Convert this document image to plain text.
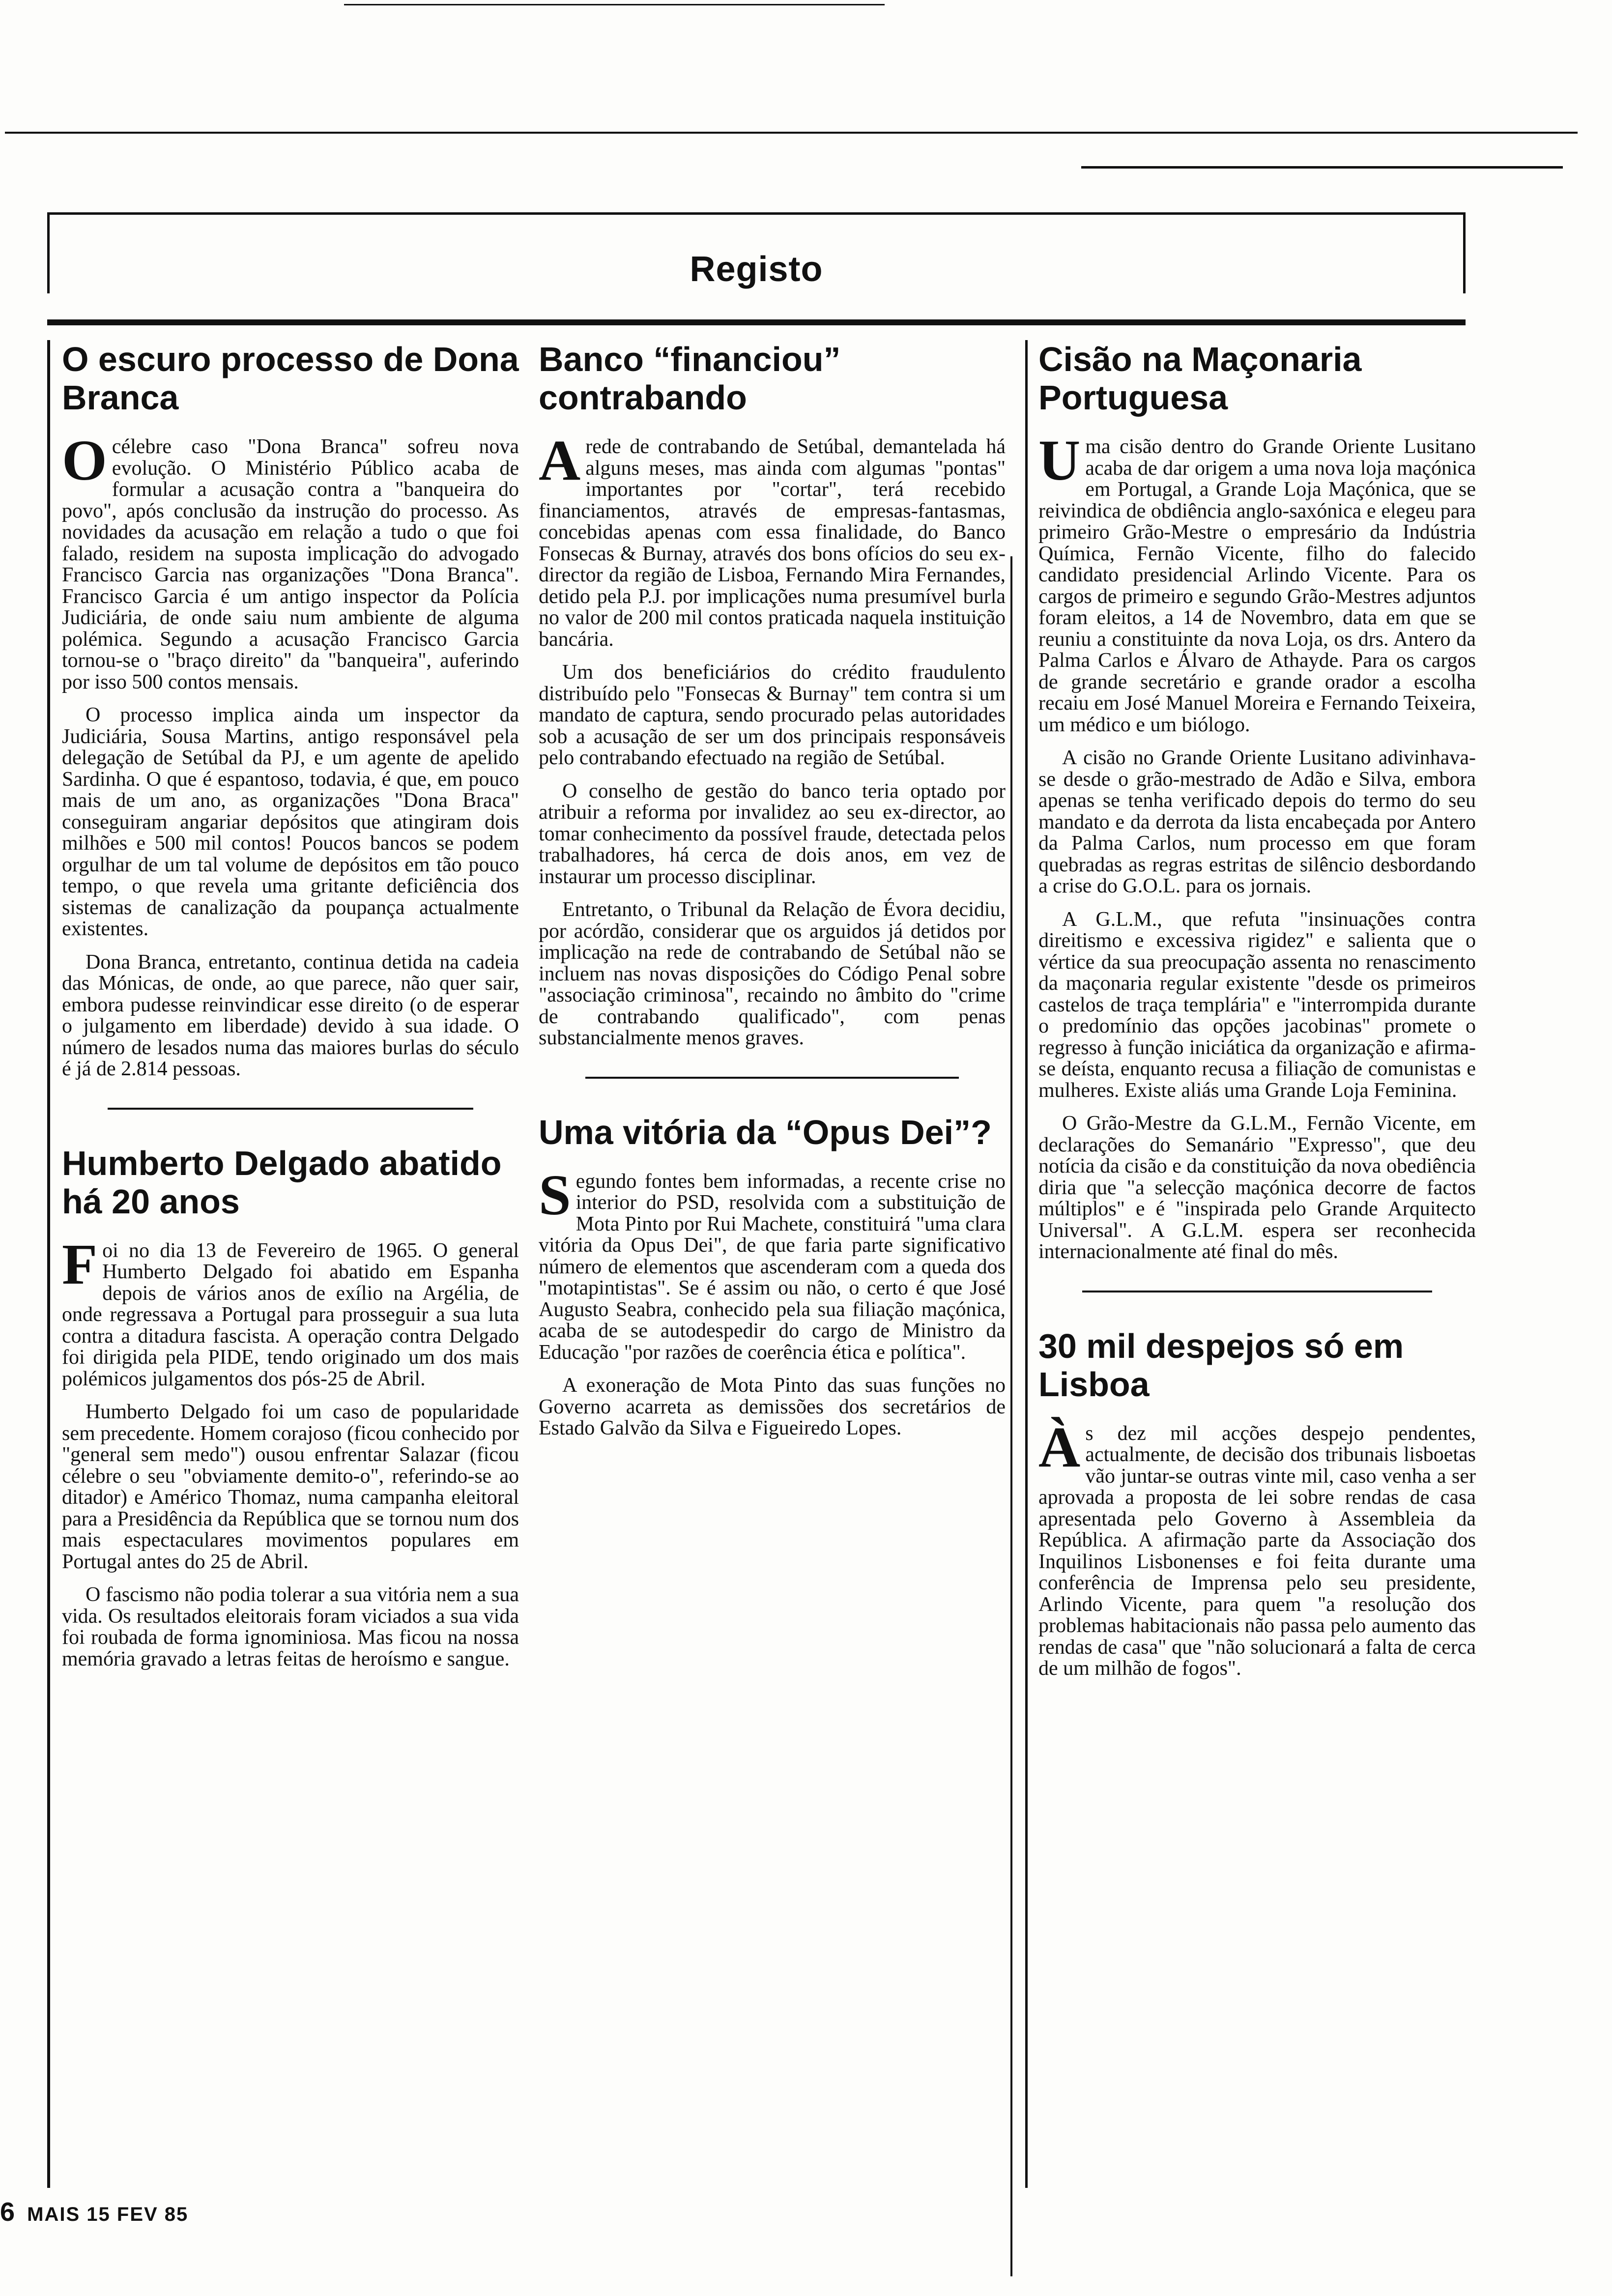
Registo
O escuro processo de Dona Branca

Océlebre caso "Dona Branca" sofreu nova evolução. O Ministério Público acaba de formular a acusação contra a "banqueira do povo", após conclusão da instrução do processo. As novidades da acusação em relação a tudo o que foi falado, residem na suposta implicação do advogado Francisco Garcia nas organizações "Dona Branca". Francisco Garcia é um antigo inspector da Polícia Judiciária, de onde saiu num ambiente de alguma polémica. Segundo a acusação Francisco Garcia tornou-se o "braço direito" da "banqueira", auferindo por isso 500 contos mensais.

O processo implica ainda um inspector da Judiciária, Sousa Martins, antigo responsável pela delegação de Setúbal da PJ, e um agente de apelido Sardinha. O que é espantoso, todavia, é que, em pouco mais de um ano, as organizações "Dona Braca" conseguiram angariar depósitos que atingiram dois milhões e 500 mil contos! Poucos bancos se podem orgulhar de um tal volume de depósitos em tão pouco tempo, o que revela uma gritante deficiência dos sistemas de canalização da poupança actualmente existentes.

Dona Branca, entretanto, continua detida na cadeia das Mónicas, de onde, ao que parece, não quer sair, embora pudesse reinvindicar esse direito (o de esperar o julgamento em liberdade) devido à sua idade. O número de lesados numa das maiores burlas do século é já de 2.814 pessoas.

Humberto Delgado abatido há 20 anos

Foi no dia 13 de Fevereiro de 1965. O general Humberto Delgado foi abatido em Espanha depois de vários anos de exílio na Argélia, de onde regressava a Portugal para prosseguir a sua luta contra a ditadura fascista. A operação contra Delgado foi dirigida pela PIDE, tendo originado um dos mais polémicos julgamentos dos pós-25 de Abril.

Humberto Delgado foi um caso de popularidade sem precedente. Homem corajoso (ficou conhecido por "general sem medo") ousou enfrentar Salazar (ficou célebre o seu "obviamente demito-o", referindo-se ao ditador) e Américo Thomaz, numa campanha eleitoral para a Presidência da República que se tornou num dos mais espectaculares movimentos populares em Portugal antes do 25 de Abril.

O fascismo não podia tolerar a sua vitória nem a sua vida. Os resultados eleitorais foram viciados a sua vida foi roubada de forma ignominiosa. Mas ficou na nossa memória gravado a letras feitas de heroísmo e sangue.

Banco “financiou” contrabando

Arede de contrabando de Setúbal, demantelada há alguns meses, mas ainda com algumas "pontas" importantes por "cortar", terá recebido financiamentos, através de empresas-fantasmas, concebidas apenas com essa finalidade, do Banco Fonsecas & Burnay, através dos bons ofícios do seu ex-director da região de Lisboa, Fernando Mira Fernandes, detido pela P.J. por implicações numa presumível burla no valor de 200 mil contos praticada naquela instituição bancária.

Um dos beneficiários do crédito fraudulento distribuído pelo "Fonsecas & Burnay" tem contra si um mandato de captura, sendo procurado pelas autoridades sob a acusação de ser um dos principais responsáveis pelo contrabando efectuado na região de Setúbal.

O conselho de gestão do banco teria optado por atribuir a reforma por invalidez ao seu ex-director, ao tomar conhecimento da possível fraude, detectada pelos trabalhadores, há cerca de dois anos, em vez de instaurar um processo disciplinar.

Entretanto, o Tribunal da Relação de Évora decidiu, por acórdão, considerar que os arguidos já detidos por implicação na rede de contrabando de Setúbal não se incluem nas novas disposições do Código Penal sobre "associação criminosa", recaindo no âmbito do "crime de contrabando qualificado", com penas substancialmente menos graves.

Uma vitória da “Opus Dei”?

Segundo fontes bem informadas, a recente crise no interior do PSD, resolvida com a substituição de Mota Pinto por Rui Machete, constituirá "uma clara vitória da Opus Dei", de que faria parte significativo número de elementos que ascenderam com a queda dos "motapintistas". Se é assim ou não, o certo é que José Augusto Seabra, conhecido pela sua filiação maçónica, acaba de se autodespedir do cargo de Ministro da Educação "por razões de coerência ética e política".

A exoneração de Mota Pinto das suas funções no Governo acarreta as demissões dos secretários de Estado Galvão da Silva e Figueiredo Lopes.

Cisão na Maçonaria Portuguesa

Uma cisão dentro do Grande Oriente Lusitano acaba de dar origem a uma nova loja maçónica em Portugal, a Grande Loja Maçónica, que se reivindica de obdiência anglo-saxónica e elegeu para primeiro Grão-Mestre o empresário da Indústria Química, Fernão Vicente, filho do falecido candidato presidencial Arlindo Vicente. Para os cargos de primeiro e segundo Grão-Mestres adjuntos foram eleitos, a 14 de Novembro, data em que se reuniu a constituinte da nova Loja, os drs. Antero da Palma Carlos e Álvaro de Athayde. Para os cargos de grande secretário e grande orador a escolha recaiu em José Manuel Moreira e Fernando Teixeira, um médico e um biólogo.

A cisão no Grande Oriente Lusitano adivinhava-se desde o grão-mestrado de Adão e Silva, embora apenas se tenha verificado depois do termo do seu mandato e da derrota da lista encabeçada por Antero da Palma Carlos, num processo em que foram quebradas as regras estritas de silêncio desbordando a crise do G.O.L. para os jornais.

A G.L.M., que refuta "insinuações contra direitismo e excessiva rigidez" e salienta que o vértice da sua preocupação assenta no renascimento da maçonaria regular existente "desde os primeiros castelos de traça templária" e "interrompida durante o predomínio das opções jacobinas" promete o regresso à função iniciática da organização e afirma-se deísta, enquanto recusa a filiação de comunistas e mulheres. Existe aliás uma Grande Loja Feminina.

O Grão-Mestre da G.L.M., Fernão Vicente, em declarações do Semanário "Expresso", que deu notícia da cisão e da constituição da nova obediência diria que "a selecção maçónica decorre de factos múltiplos" e é "inspirada pelo Grande Arquitecto Universal". A G.L.M. espera ser reconhecida internacionalmente até final do mês.

30 mil despejos só em Lisboa

Às dez mil acções despejo pendentes, actualmente, de decisão dos tribunais lisboetas vão juntar-se outras vinte mil, caso venha a ser aprovada a proposta de lei sobre rendas de casa apresentada pelo Governo à Assembleia da República. A afirmação parte da Associação dos Inquilinos Lisbonenses e foi feita durante uma conferência de Imprensa pelo seu presidente, Arlindo Vicente, para quem "a resolução dos problemas habitacionais não passa pelo aumento das rendas de casa" que "não solucionará a falta de cerca de um milhão de fogos".

6 MAIS 15 FEV 85
